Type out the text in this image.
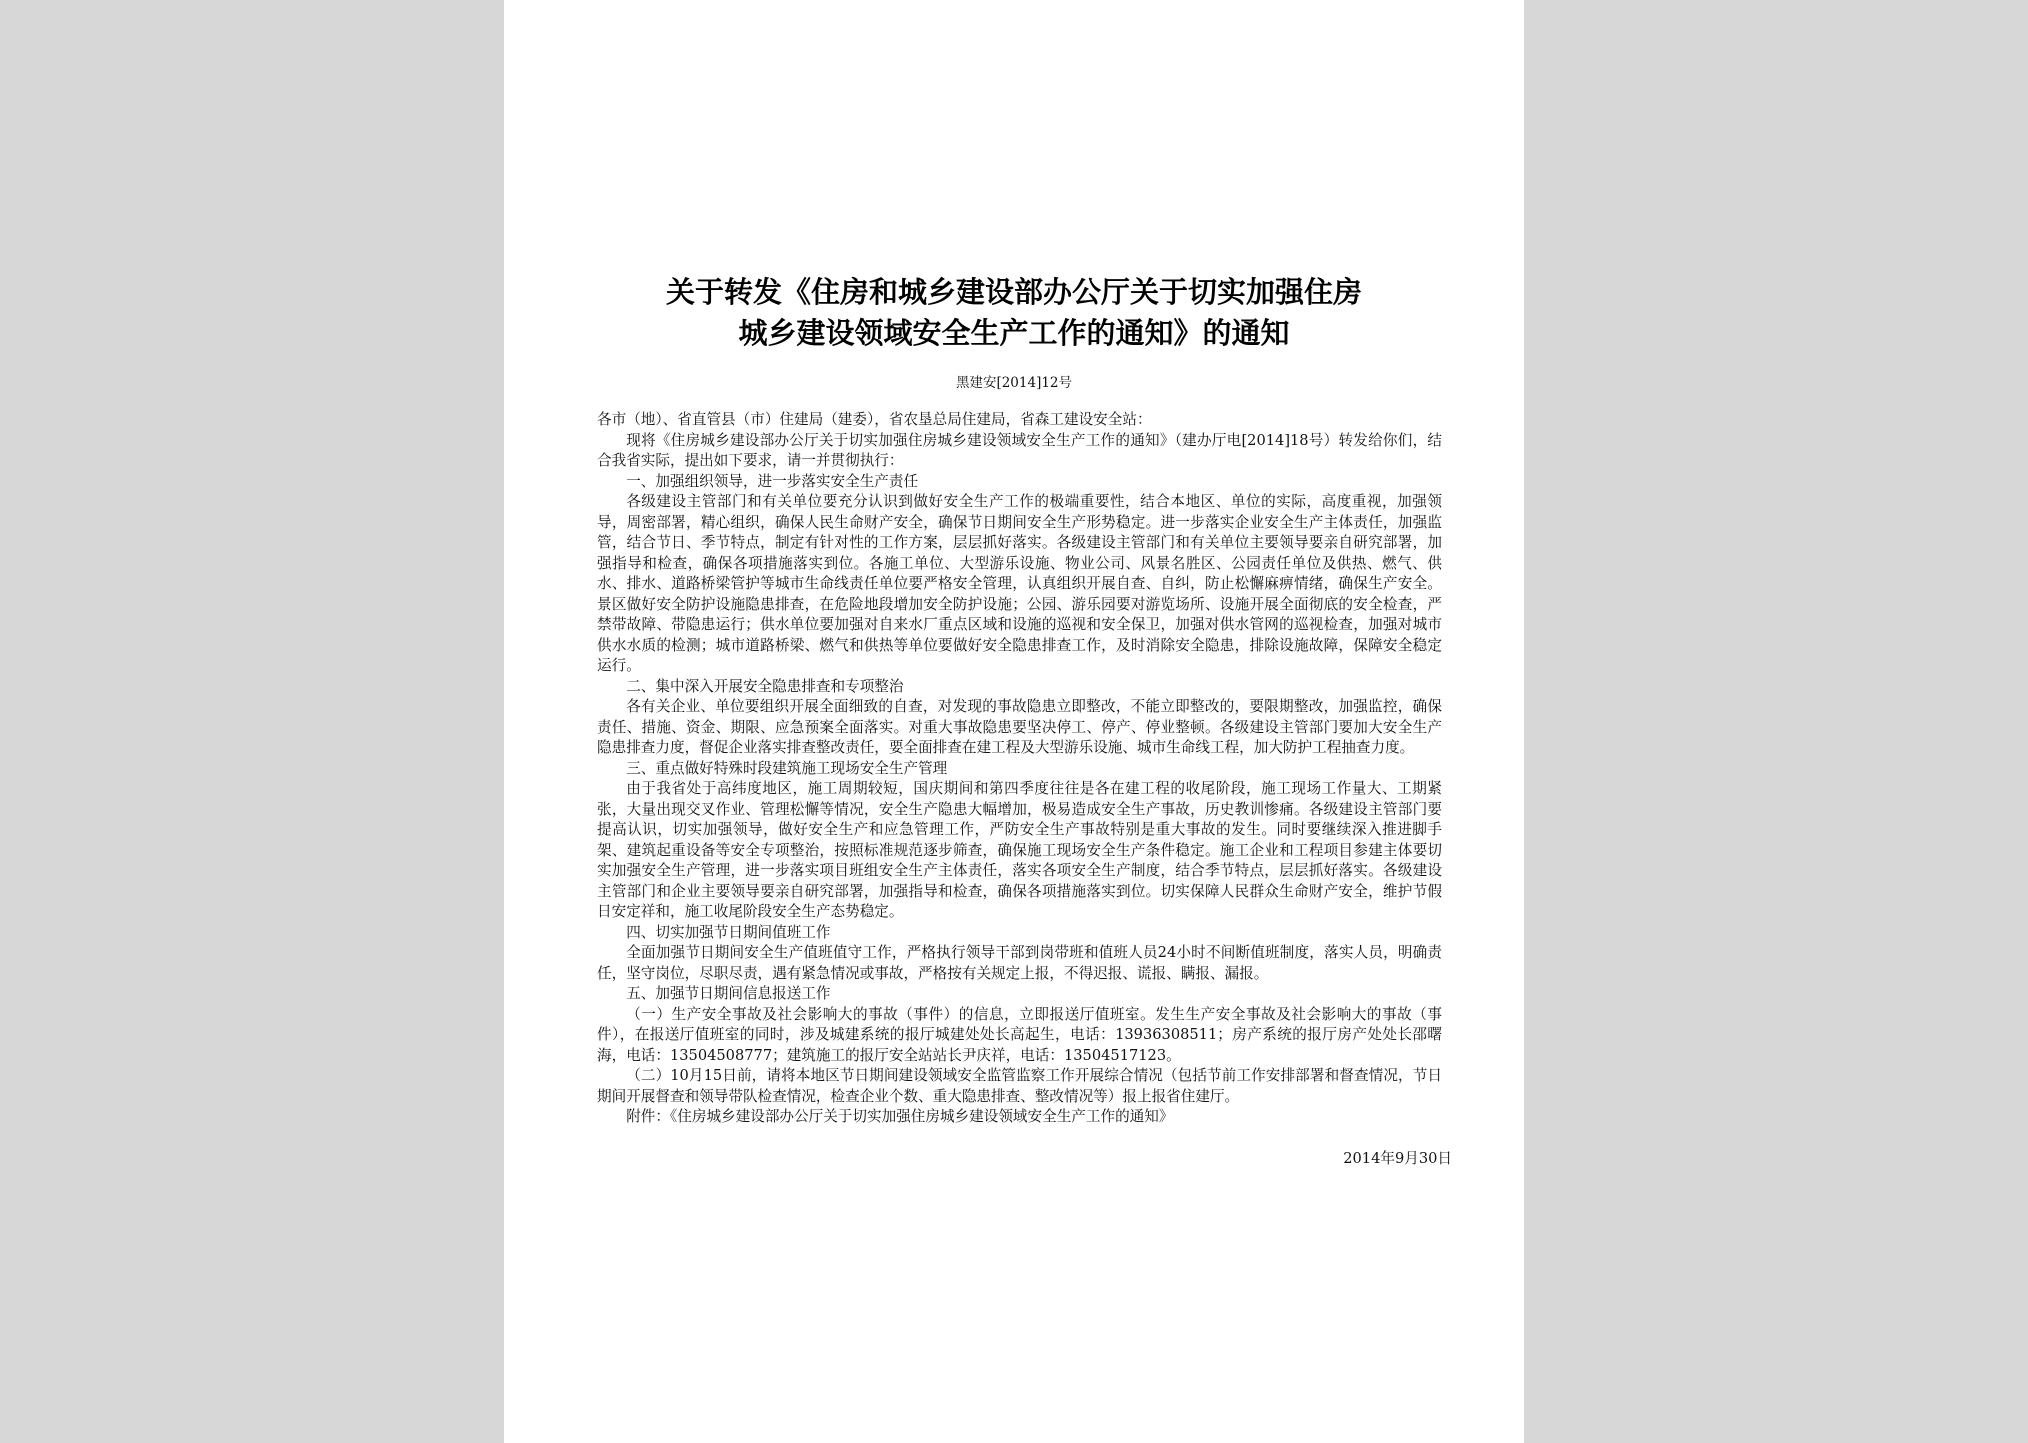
关于转发《住房和城乡建设部办公厅关于切实加强住房
城乡建设领域安全生产工作的通知》的通知
黑建安[2014]12号

各市（地）、省直管县（市）住建局（建委），省农垦总局住建局，省森工建设安全站：

现将《住房城乡建设部办公厅关于切实加强住房城乡建设领域安全生产工作的通知》（建办厅电[2014]18号）转发给你们，结合我省实际，提出如下要求，请一并贯彻执行：

一、加强组织领导，进一步落实安全生产责任

各级建设主管部门和有关单位要充分认识到做好安全生产工作的极端重要性，结合本地区、单位的实际，高度重视，加强领导，周密部署，精心组织，确保人民生命财产安全，确保节日期间安全生产形势稳定。进一步落实企业安全生产主体责任，加强监管，结合节日、季节特点，制定有针对性的工作方案，层层抓好落实。各级建设主管部门和有关单位主要领导要亲自研究部署，加强指导和检查，确保各项措施落实到位。各施工单位、大型游乐设施、物业公司、风景名胜区、公园责任单位及供热、燃气、供水、排水、道路桥梁管护等城市生命线责任单位要严格安全管理，认真组织开展自查、自纠，防止松懈麻痹情绪，确保生产安全。景区做好安全防护设施隐患排查，在危险地段增加安全防护设施；公园、游乐园要对游览场所、设施开展全面彻底的安全检查，严禁带故障、带隐患运行；供水单位要加强对自来水厂重点区域和设施的巡视和安全保卫，加强对供水管网的巡视检查，加强对城市供水水质的检测；城市道路桥梁、燃气和供热等单位要做好安全隐患排查工作，及时消除安全隐患，排除设施故障，保障安全稳定运行。

二、集中深入开展安全隐患排查和专项整治

各有关企业、单位要组织开展全面细致的自查，对发现的事故隐患立即整改，不能立即整改的，要限期整改，加强监控，确保责任、措施、资金、期限、应急预案全面落实。对重大事故隐患要坚决停工、停产、停业整顿。各级建设主管部门要加大安全生产隐患排查力度，督促企业落实排查整改责任，要全面排查在建工程及大型游乐设施、城市生命线工程，加大防护工程抽查力度。

三、重点做好特殊时段建筑施工现场安全生产管理

由于我省处于高纬度地区，施工周期较短，国庆期间和第四季度往往是各在建工程的收尾阶段，施工现场工作量大、工期紧张，大量出现交叉作业、管理松懈等情况，安全生产隐患大幅增加，极易造成安全生产事故，历史教训惨痛。各级建设主管部门要提高认识，切实加强领导，做好安全生产和应急管理工作，严防安全生产事故特别是重大事故的发生。同时要继续深入推进脚手架、建筑起重设备等安全专项整治，按照标准规范逐步筛查，确保施工现场安全生产条件稳定。施工企业和工程项目参建主体要切实加强安全生产管理，进一步落实项目班组安全生产主体责任，落实各项安全生产制度，结合季节特点，层层抓好落实。各级建设主管部门和企业主要领导要亲自研究部署，加强指导和检查，确保各项措施落实到位。切实保障人民群众生命财产安全，维护节假日安定祥和，施工收尾阶段安全生产态势稳定。

四、切实加强节日期间值班工作

全面加强节日期间安全生产值班值守工作，严格执行领导干部到岗带班和值班人员24小时不间断值班制度，落实人员，明确责任，坚守岗位，尽职尽责，遇有紧急情况或事故，严格按有关规定上报，不得迟报、谎报、瞒报、漏报。

五、加强节日期间信息报送工作

（一）生产安全事故及社会影响大的事故（事件）的信息，立即报送厅值班室。发生生产安全事故及社会影响大的事故（事件），在报送厅值班室的同时，涉及城建系统的报厅城建处处长高起生，电话：13936308511；房产系统的报厅房产处处长邵曙海，电话：13504508777；建筑施工的报厅安全站站长尹庆祥，电话：13504517123。

（二）10月15日前，请将本地区节日期间建设领域安全监管监察工作开展综合情况（包括节前工作安排部署和督查情况，节日期间开展督查和领导带队检查情况，检查企业个数、重大隐患排查、整改情况等）报上报省住建厅。

附件：《住房城乡建设部办公厅关于切实加强住房城乡建设领域安全生产工作的通知》

2014年9月30日
